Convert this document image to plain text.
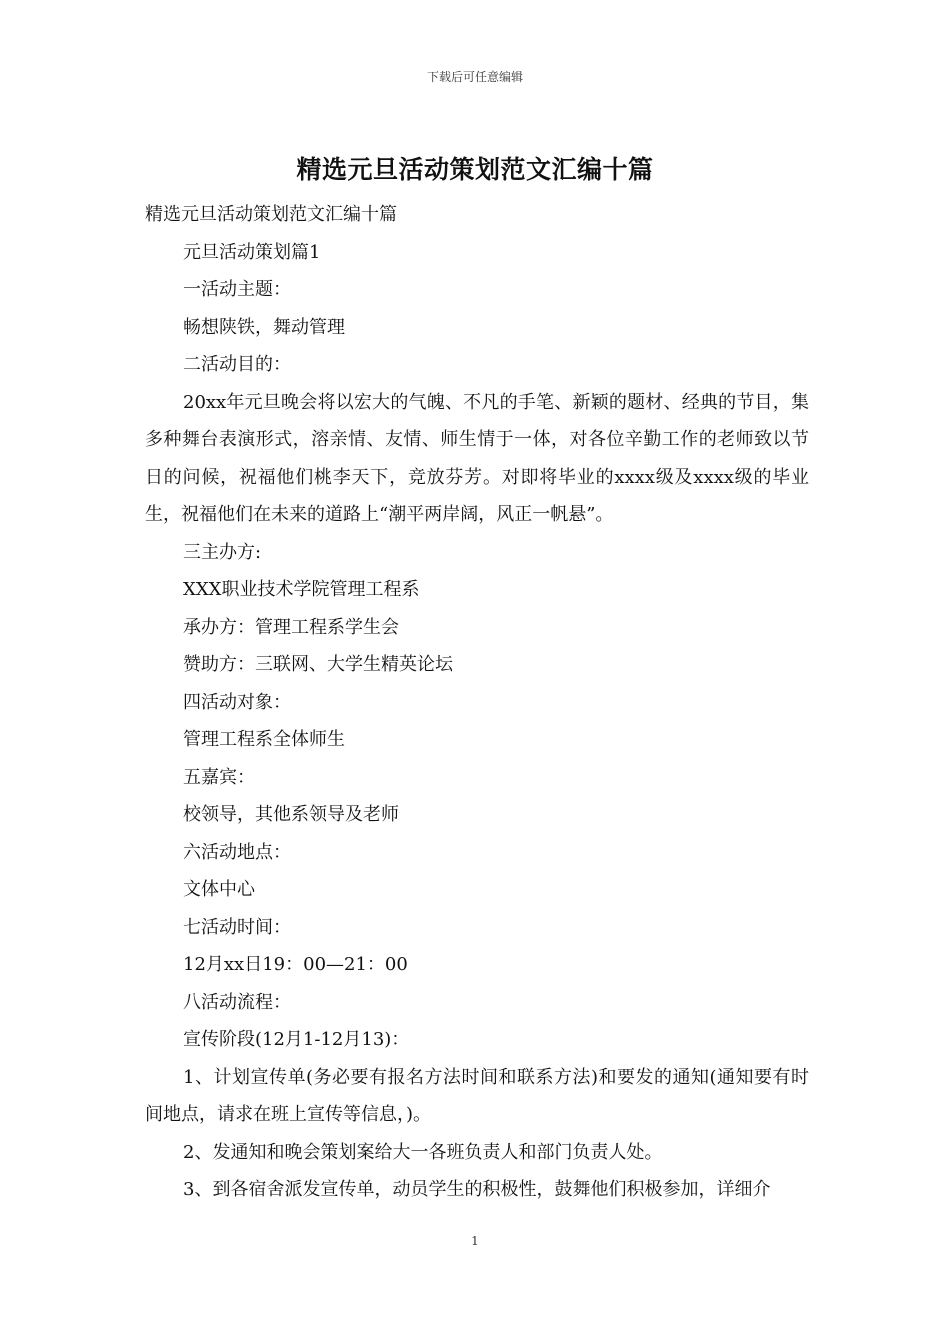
下载后可任意编辑
精选元旦活动策划范文汇编十篇

精选元旦活动策划范文汇编十篇

元旦活动策划篇1

一活动主题：

畅想陕铁，舞动管理

二活动目的：

20xx年元旦晚会将以宏大的气魄、不凡的手笔、新颖的题材、经典的节目，集多种舞台表演形式，溶亲情、友情、师生情于一体，对各位辛勤工作的老师致以节日的问候，祝福他们桃李天下，竞放芬芳。对即将毕业的xxxx级及xxxx级的毕业生，祝福他们在未来的道路上“潮平两岸阔，风正一帆悬”。

三主办方:

XXX职业技术学院管理工程系

承办方：管理工程系学生会

赞助方：三联网、大学生精英论坛

四活动对象：

管理工程系全体师生

五嘉宾：

校领导，其他系领导及老师

六活动地点：

文体中心

七活动时间：

12月xx日19：00—21：00

八活动流程：

宣传阶段(12月1-12月13)：

1、计划宣传单(务必要有报名方法时间和联系方法)和要发的通知(通知要有时间地点，请求在班上宣传等信息，)。

2、发通知和晚会策划案给大一各班负责人和部门负责人处。

3、到各宿舍派发宣传单，动员学生的积极性，鼓舞他们积极参加，详细介

1
